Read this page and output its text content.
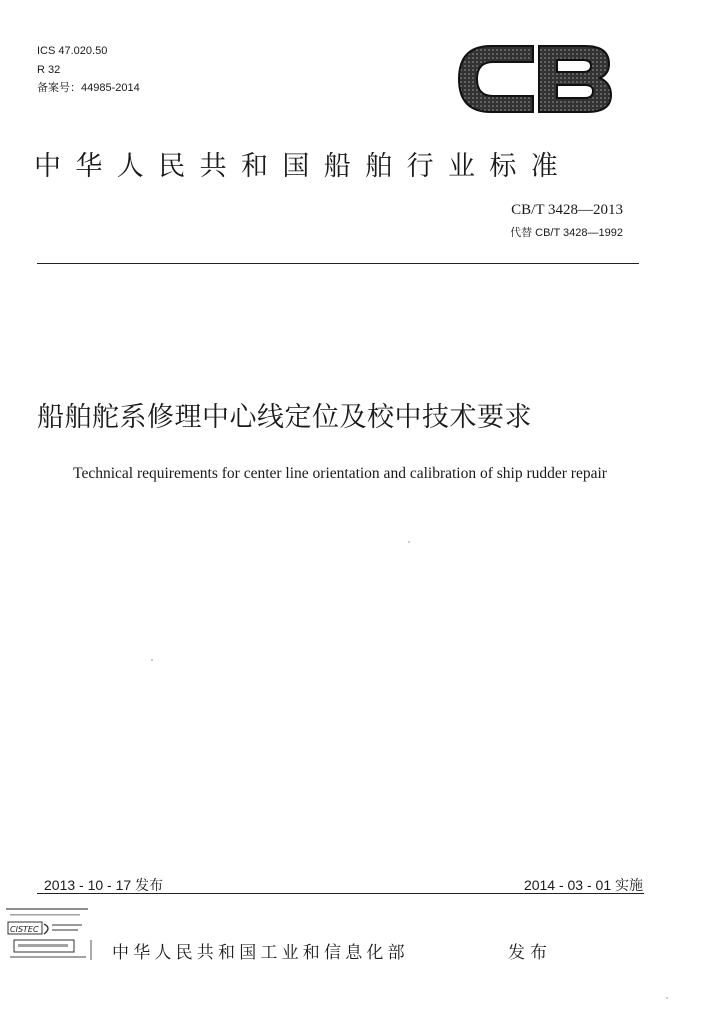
ICS 47.020.50
R 32
备案号：44985-2014
中华人民共和国船舶行业标准
CB/T 3428—2013
代替 CB/T 3428—1992
船舶舵系修理中心线定位及校中技术要求
Technical requirements for center line orientation and calibration of ship rudder repair
2013 - 10 - 17 发布	2014 - 03 - 01 实施
CISTEC
中华人民共和国工业和信息化部	发布
